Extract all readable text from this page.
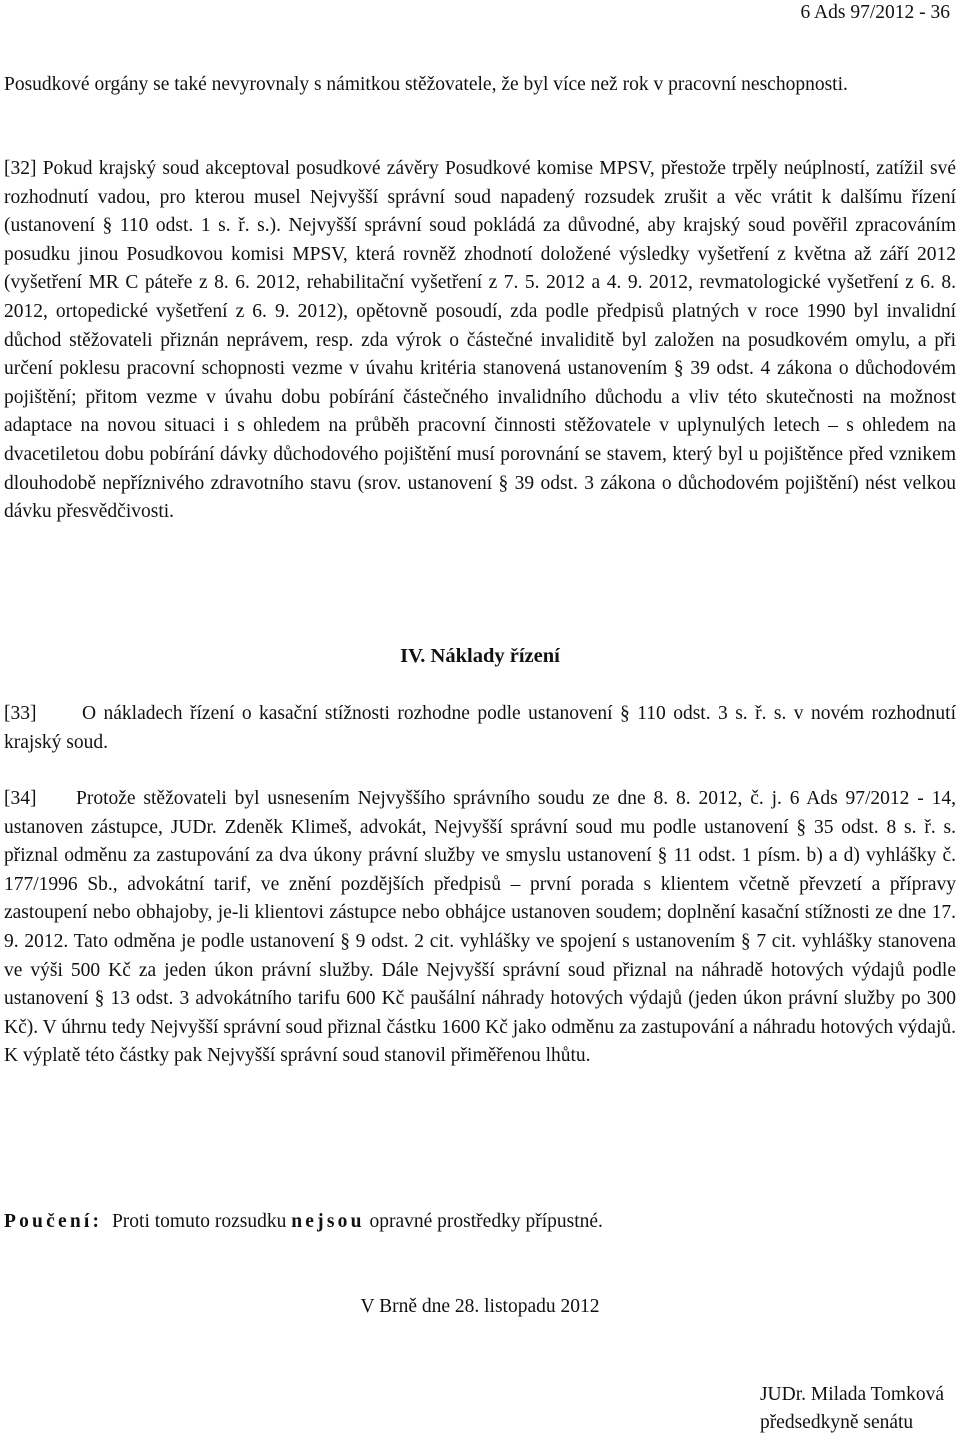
6 Ads 97/2012 - 36

Posudkové orgány se také nevyrovnaly s námitkou stěžovatele, že byl více než rok v pracovní neschopnosti.

[32] Pokud krajský soud akceptoval posudkové závěry Posudkové komise MPSV, přestože trpěly neúplností, zatížil své rozhodnutí vadou, pro kterou musel Nejvyšší správní soud napadený rozsudek zrušit a věc vrátit k dalšímu řízení (ustanovení § 110 odst. 1 s. ř. s.). Nejvyšší správní soud pokládá za důvodné, aby krajský soud pověřil zpracováním posudku jinou Posudkovou komisi MPSV, která rovněž zhodnotí doložené výsledky vyšetření z května až září 2012 (vyšetření MR C páteře z 8. 6. 2012, rehabilitační vyšetření z 7. 5. 2012 a 4. 9. 2012, revmatologické vyšetření z 6. 8. 2012, ortopedické vyšetření z 6. 9. 2012), opětovně posoudí, zda podle předpisů platných v roce 1990 byl invalidní důchod stěžovateli přiznán neprávem, resp. zda výrok o částečné invaliditě byl založen na posudkovém omylu, a při určení poklesu pracovní schopnosti vezme v úvahu kritéria stanovená ustanovením § 39 odst. 4 zákona o důchodovém pojištění; přitom vezme v úvahu dobu pobírání částečného invalidního důchodu a vliv této skutečnosti na možnost adaptace na novou situaci i s ohledem na průběh pracovní činnosti stěžovatele v uplynulých letech – s ohledem na dvacetiletou dobu pobírání dávky důchodového pojištění musí porovnání se stavem, který byl u pojištěnce před vznikem dlouhodobě nepříznivého zdravotního stavu (srov. ustanovení § 39 odst. 3 zákona o důchodovém pojištění) nést velkou dávku přesvědčivosti.

IV. Náklady řízení

[33] O nákladech řízení o kasační stížnosti rozhodne podle ustanovení § 110 odst. 3 s. ř. s. v novém rozhodnutí krajský soud.

[34] Protože stěžovateli byl usnesením Nejvyššího správního soudu ze dne 8. 8. 2012, č. j. 6 Ads 97/2012 - 14, ustanoven zástupce, JUDr. Zdeněk Klimeš, advokát, Nejvyšší správní soud mu podle ustanovení § 35 odst. 8 s. ř. s. přiznal odměnu za zastupování za dva úkony právní služby ve smyslu ustanovení § 11 odst. 1 písm. b) a d) vyhlášky č. 177/1996 Sb., advokátní tarif, ve znění pozdějších předpisů – první porada s klientem včetně převzetí a přípravy zastoupení nebo obhajoby, je-li klientovi zástupce nebo obhájce ustanoven soudem; doplnění kasační stížnosti ze dne 17. 9. 2012. Tato odměna je podle ustanovení § 9 odst. 2 cit. vyhlášky ve spojení s ustanovením § 7 cit. vyhlášky stanovena ve výši 500 Kč za jeden úkon právní služby. Dále Nejvyšší správní soud přiznal na náhradě hotových výdajů podle ustanovení § 13 odst. 3 advokátního tarifu 600 Kč paušální náhrady hotových výdajů (jeden úkon právní služby po 300 Kč). V úhrnu tedy Nejvyšší správní soud přiznal částku 1600 Kč jako odměnu za zastupování a náhradu hotových výdajů. K výplatě této částky pak Nejvyšší správní soud stanovil přiměřenou lhůtu.

Poučení: Proti tomuto rozsudku nejsou opravné prostředky přípustné.
V Brně dne 28. listopadu 2012
JUDr. Milada Tomková
předsedkyně senátu
